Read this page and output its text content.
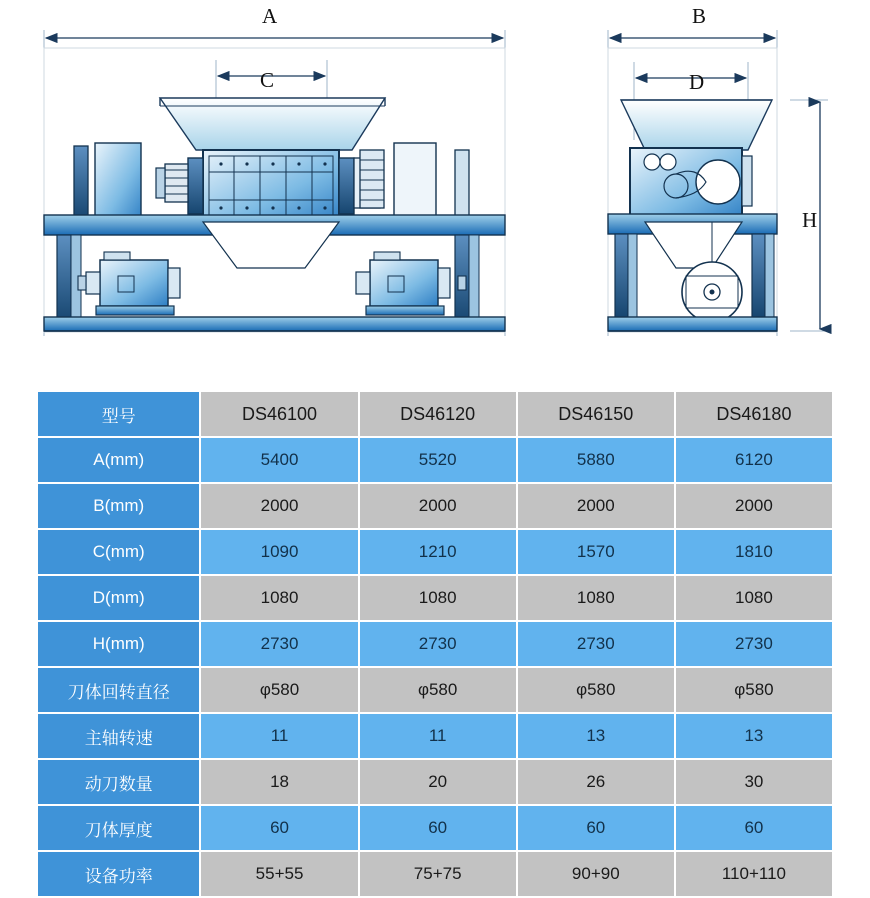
A
C
B
D
H
型号	DS46100	DS46120	DS46150	DS46180
A(mm)	5400	5520	5880	6120
B(mm)	2000	2000	2000	2000
C(mm)	1090	1210	1570	1810
D(mm)	1080	1080	1080	1080
H(mm)	2730	2730	2730	2730
刀体回转直径	φ580	φ580	φ580	φ580
主轴转速	11	11	13	13
动刀数量	18	20	26	30
刀体厚度	60	60	60	60
设备功率	55+55	75+75	90+90	110+110
